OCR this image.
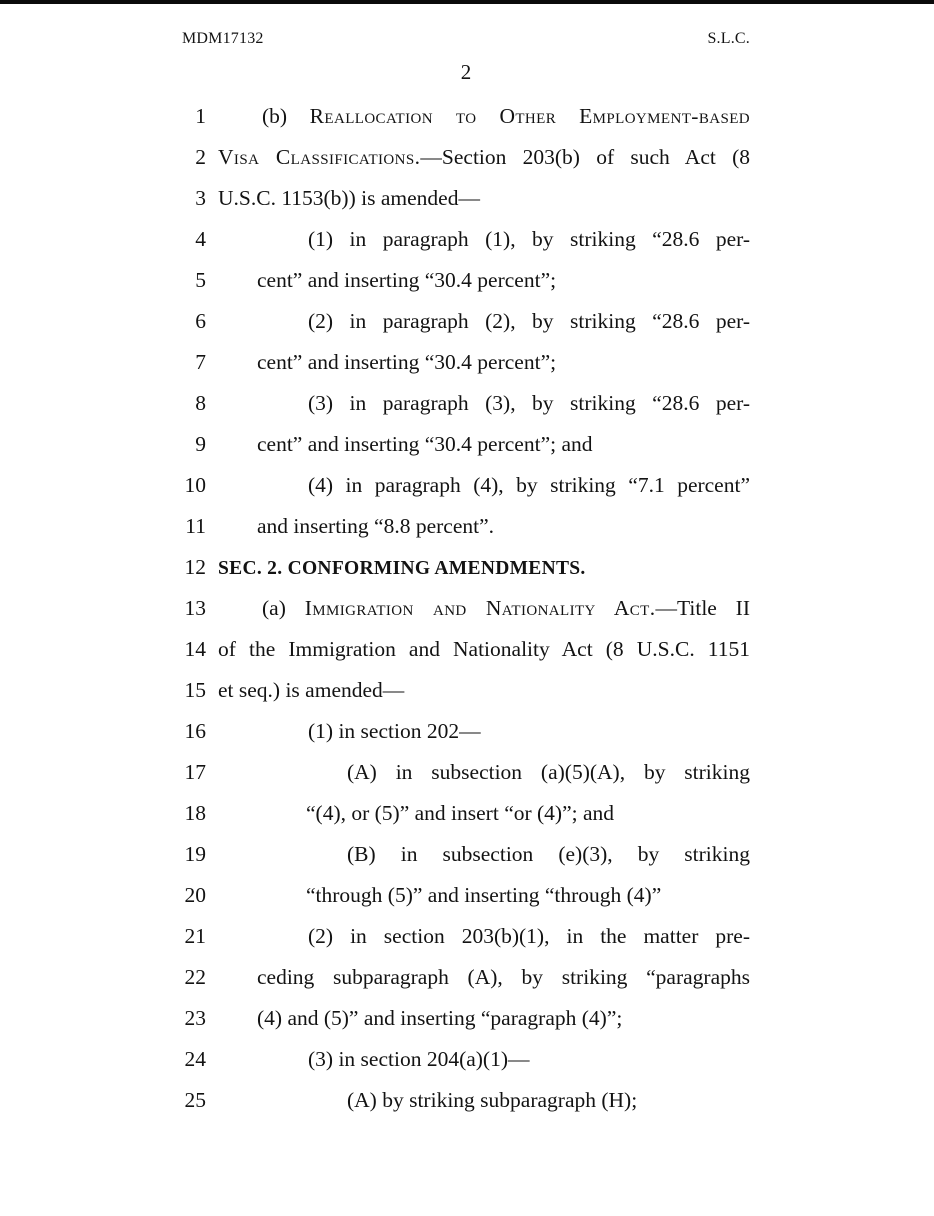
MDM17132	S.L.C.
2
1	(b) Reallocation to Other Employment-based
2 Visa Classifications.—Section 203(b) of such Act (8
3 U.S.C. 1153(b)) is amended—
4	(1) in paragraph (1), by striking “28.6 per-
5 cent” and inserting “30.4 percent”;
6	(2) in paragraph (2), by striking “28.6 per-
7 cent” and inserting “30.4 percent”;
8	(3) in paragraph (3), by striking “28.6 per-
9 cent” and inserting “30.4 percent”; and
10	(4) in paragraph (4), by striking “7.1 percent”
11 and inserting “8.8 percent”.
12 SEC. 2. CONFORMING AMENDMENTS.
13	(a) Immigration and Nationality Act.—Title II
14 of the Immigration and Nationality Act (8 U.S.C. 1151
15 et seq.) is amended—
16	(1) in section 202—
17	(A) in subsection (a)(5)(A), by striking
18	“(4), or (5)” and insert “or (4)”; and
19	(B) in subsection (e)(3), by striking
20	“through (5)” and inserting “through (4)”
21	(2) in section 203(b)(1), in the matter pre-
22 ceding subparagraph (A), by striking “paragraphs
23 (4) and (5)” and inserting “paragraph (4)”;
24	(3) in section 204(a)(1)—
25	(A) by striking subparagraph (H);
